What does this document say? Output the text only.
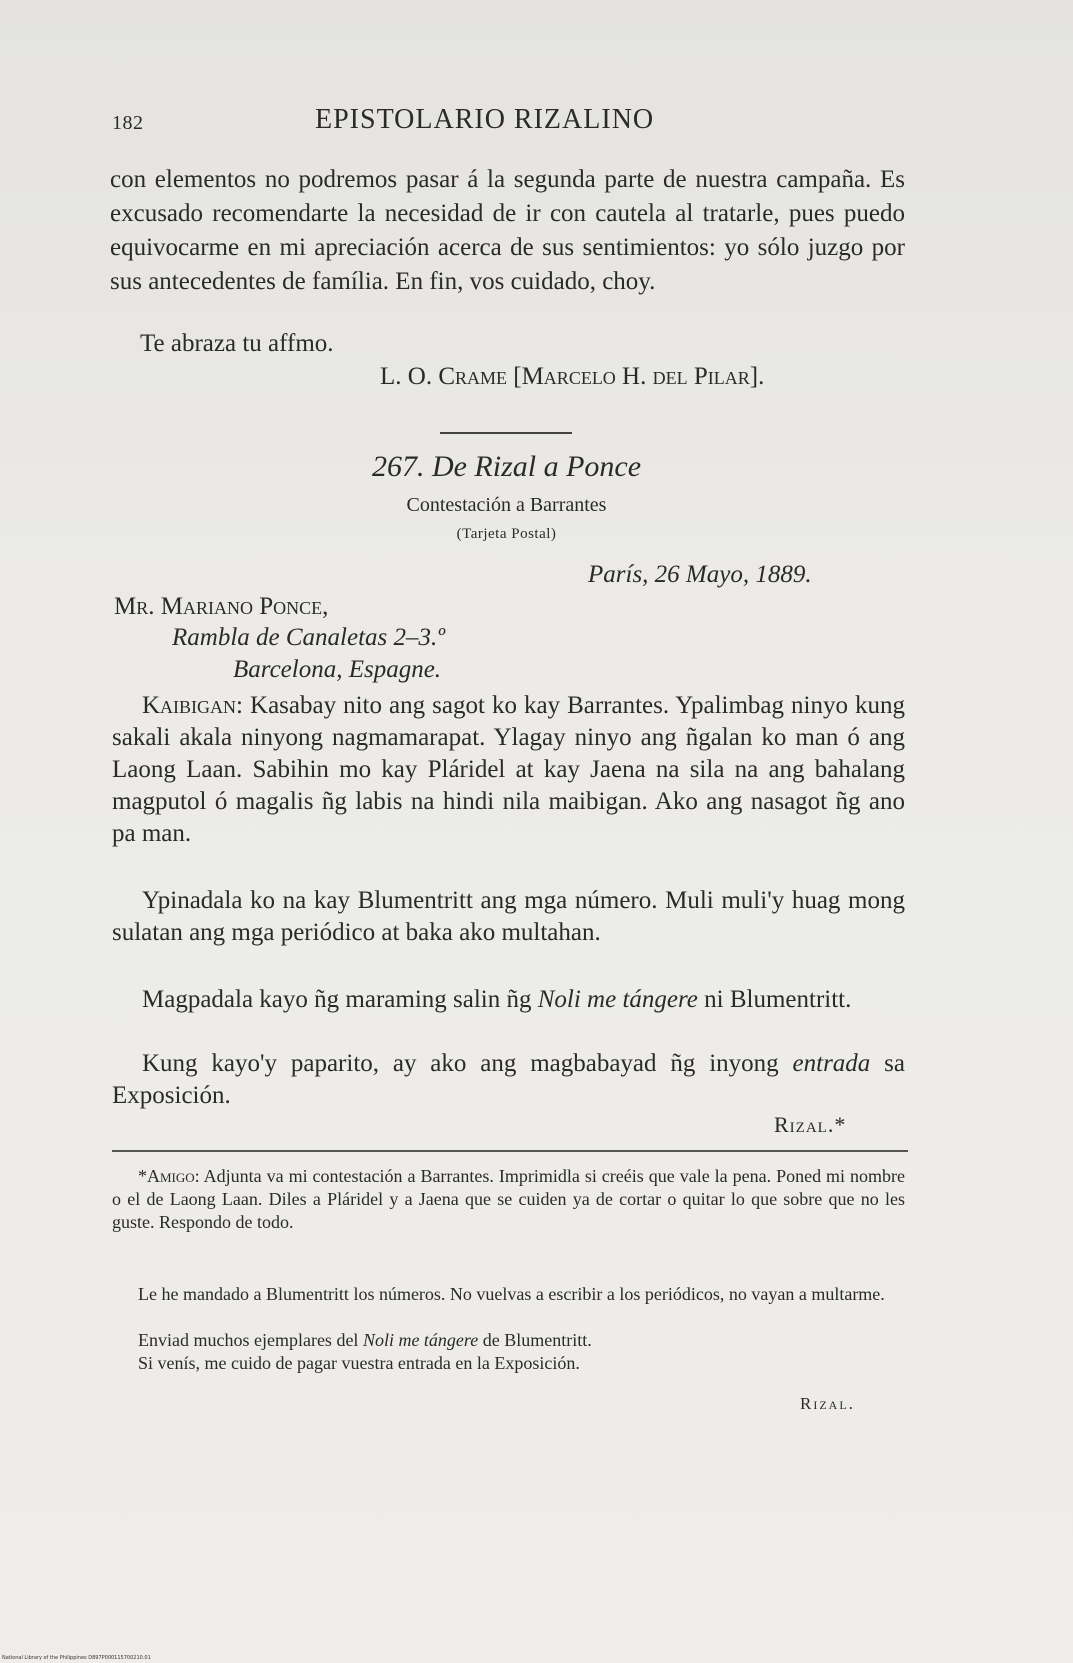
182	EPISTOLARIO RIZALINO
con elementos no podremos pasar á la segunda parte de nuestra campaña. Es excusado recomendarte la necesidad de ir con cautela al tratarle, pues puedo equivocarme en mi apreciación acerca de sus sentimientos: yo sólo juzgo por sus antecedentes de família. En fin, vos cuidado, choy.
Te abraza tu affmo.
L. O. Crame [Marcelo H. del Pilar].
267. De Rizal a Ponce
Contestación a Barrantes
(Tarjeta Postal)
París, 26 Mayo, 1889.
Mr. Mariano Ponce,
Rambla de Canaletas 2–3.º
Barcelona, Espagne.
Kaibigan: Kasabay nito ang sagot ko kay Barrantes. Ypalimbag ninyo kung sakali akala ninyong nagmamarapat. Ylagay ninyo ang ñgalan ko man ó ang Laong Laan. Sabihin mo kay Pláridel at kay Jaena na sila na ang bahalang magputol ó magalis ñg labis na hindi nila maibigan. Ako ang nasagot ñg ano pa man.
Ypinadala ko na kay Blumentritt ang mga número. Muli muli'y huag mong sulatan ang mga periódico at baka ako multahan.
Magpadala kayo ñg maraming salin ñg Noli me tángere ni Blumentritt.
Kung kayo'y paparito, ay ako ang magbabayad ñg inyong entrada sa Exposición.
Rizal.*
*Amigo: Adjunta va mi contestación a Barrantes. Imprimidla si creéis que vale la pena. Poned mi nombre o el de Laong Laan. Diles a Pláridel y a Jaena que se cuiden ya de cortar o quitar lo que sobre que no les guste. Respondo de todo.
Le he mandado a Blumentritt los números. No vuelvas a escribir a los periódicos, no vayan a multarme.
Enviad muchos ejemplares del Noli me tángere de Blumentritt.
Si venís, me cuido de pagar vuestra entrada en la Exposición.
Rizal.
National Library of the Philippines D897P000115700210.01
